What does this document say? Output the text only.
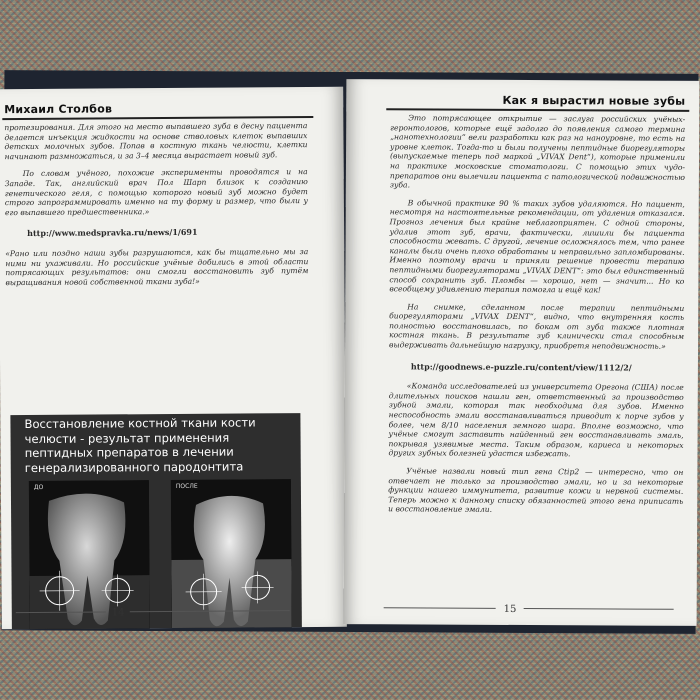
Михаил Столбов

протезирования. Для этого на место выпавшего зуба в десну пациента делается инъекция жидкости на основе стволовых клеток выпавших детских молочных зубов. Попав в костную ткань челюсти, клетки начинают размножаться, и за 3–4 месяца вырастает новый зуб.

По словам учёного, похожие эксперименты проводятся и на Западе. Так, английский врач Пол Шарп близок к созданию генетического геля, с помощью которого новый зуб можно будет строго запрограммировать именно на ту форму и размер, что были у его выпавшего предшественника.»

http://www.medspravka.ru/news/1/691

«Рано или поздно наши зубы разрушаются, как бы тщательно мы за ними ни ухаживали. Но российские учёные добились в этой области потрясающих результатов: они смогли восстановить зуб путём выращивания новой собственной ткани зуба!»

Восстановление костной ткани кости челюсти - результат применения пептидных препаратов в лечении генерализированного пародонтита
ДО	ПОСЛЕ
14
Как я вырастил новые зубы

Это потрясающее открытие — заслуга российских учёных-геронтологов, которые ещё задолго до появления самого термина „нанотехнологии“ вели разработки как раз на наноуровне, то есть на уровне клеток. Тогда-то и были получены пептидные биорегуляторы (выпускаемые теперь под маркой „VIVAX Dent“), которые применили на практике московские стоматологи. С помощью этих чудо-препаратов они вылечили пациента с патологической подвижностью зуба.

В обычной практике 90 % таких зубов удаляются. Но пациент, несмотря на настоятельные рекомендации, от удаления отказался. Прогноз лечения был крайне неблагоприятен. С одной стороны, удалив этот зуб, врачи, фактически, лишили бы пациента способности жевать. С другой, лечение осложнялось тем, что ранее каналы были очень плохо обработаны и неправильно запломбированы. Именно поэтому врачи и приняли решение провести терапию пептидными биорегуляторами „VIVAX DENT“: это был единственный способ сохранить зуб. Пломбы — хорошо, нет — значит... Но ко всеобщему удивлению терапия помогла и ещё как!

На снимке, сделанном после терапии пептидными биорегуляторами „VIVAX DENT“, видно, что внутренняя кость полностью восстановилась, по бокам от зуба также плотная костная ткань. В результате зуб клинически стал способным выдерживать дальнейшую нагрузку, приобретя неподвижность.»

http://goodnews.e-puzzle.ru/content/view/1112/2/

«Команда исследователей из университета Орегона (США) после длительных поисков нашли ген, ответственный за производство зубной эмали, которая так необходима для зубов. Именно неспособность эмали восстанавливаться приводит к порче зубов у более, чем 8/10 населения земного шара. Вполне возможно, что учёные смогут заставить найденный ген восстанавливать эмаль, покрывая узявимые места. Таким образом, кариеса и некоторых других зубных болезней удастся избежать.

Учёные назвали новый тип гена Ctip2 — интересно, что он отвечает не только за производство эмали, но и за некоторые функции нашего иммунитета, развитие кожи и нервной системы. Теперь можно к данному списку обязанностей этого гена приписать и восстановление эмали.

15
